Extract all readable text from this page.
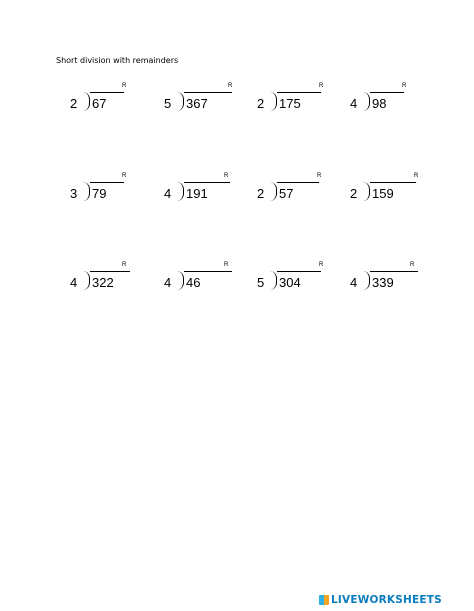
Short division with remainders
2 67
R
5 367
R
2 175
R
4 98
R
3 79
R
4 191
R
2 57
R
2 159
R
4 322
R
4 46
R
5 304
R
4 339
R
LIVEWORKSHEETS
